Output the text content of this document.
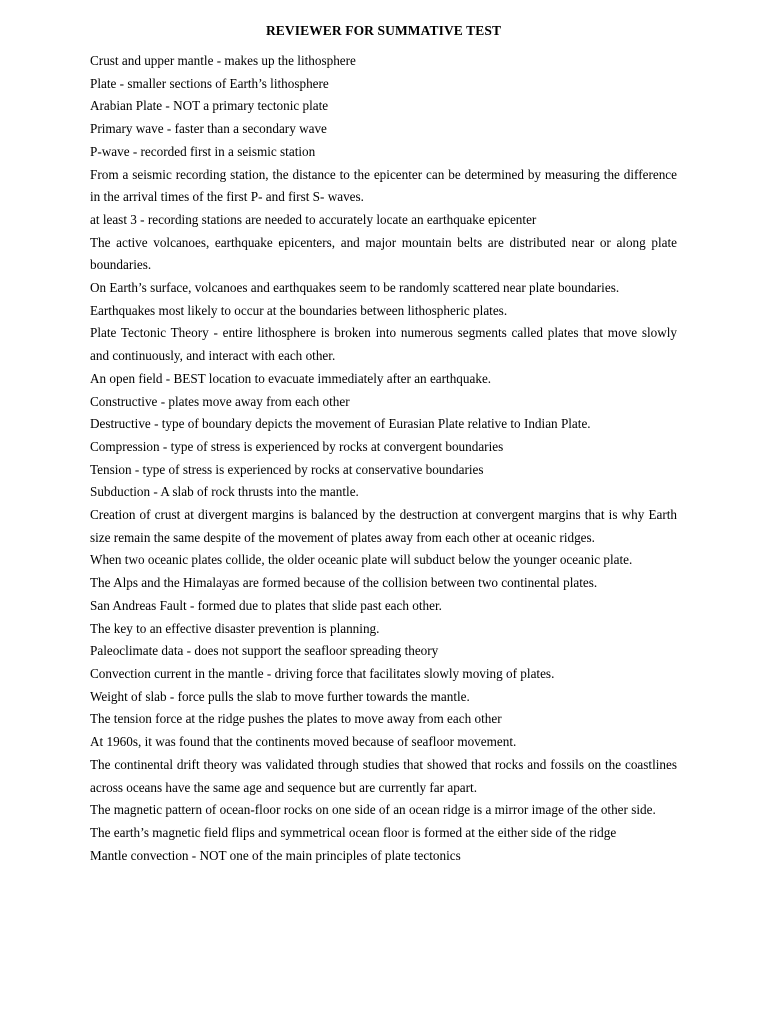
REVIEWER FOR SUMMATIVE TEST
Crust and upper mantle - makes up the lithosphere
Plate - smaller sections of Earth’s lithosphere
Arabian Plate - NOT a primary tectonic plate
Primary wave - faster than a secondary wave
P-wave - recorded first in a seismic station
From a seismic recording station, the distance to the epicenter can be determined by measuring the difference in the arrival times of the first P- and first S- waves.
at least 3 - recording stations are needed to accurately locate an earthquake epicenter
The active volcanoes, earthquake epicenters, and major mountain belts are distributed near or along plate boundaries.
On Earth’s surface, volcanoes and earthquakes seem to be randomly scattered near plate boundaries.
Earthquakes most likely to occur at the boundaries between lithospheric plates.
Plate Tectonic Theory - entire lithosphere is broken into numerous segments called plates that move slowly and continuously, and interact with each other.
An open field - BEST location to evacuate immediately after an earthquake.
Constructive - plates move away from each other
Destructive - type of boundary depicts the movement of Eurasian Plate relative to Indian Plate.
Compression - type of stress is experienced by rocks at convergent boundaries
Tension - type of stress is experienced by rocks at conservative boundaries
Subduction - A slab of rock thrusts into the mantle.
Creation of crust at divergent margins is balanced by the destruction at convergent margins that is why Earth size remain the same despite of the movement of plates away from each other at oceanic ridges.
When two oceanic plates collide, the older oceanic plate will subduct below the younger oceanic plate.
The Alps and the Himalayas are formed because of the collision between two continental plates.
San Andreas Fault - formed due to plates that slide past each other.
The key to an effective disaster prevention is planning.
Paleoclimate data - does not support the seafloor spreading theory
Convection current in the mantle - driving force that facilitates slowly moving of plates.
Weight of slab - force pulls the slab to move further towards the mantle.
The tension force at the ridge pushes the plates to move away from each other
At 1960s, it was found that the continents moved because of seafloor movement.
The continental drift theory was validated through studies that showed that rocks and fossils on the coastlines across oceans have the same age and sequence but are currently far apart.
The magnetic pattern of ocean-floor rocks on one side of an ocean ridge is a mirror image of the other side.
The earth’s magnetic field flips and symmetrical ocean floor is formed at the either side of the ridge
Mantle convection - NOT one of the main principles of plate tectonics
